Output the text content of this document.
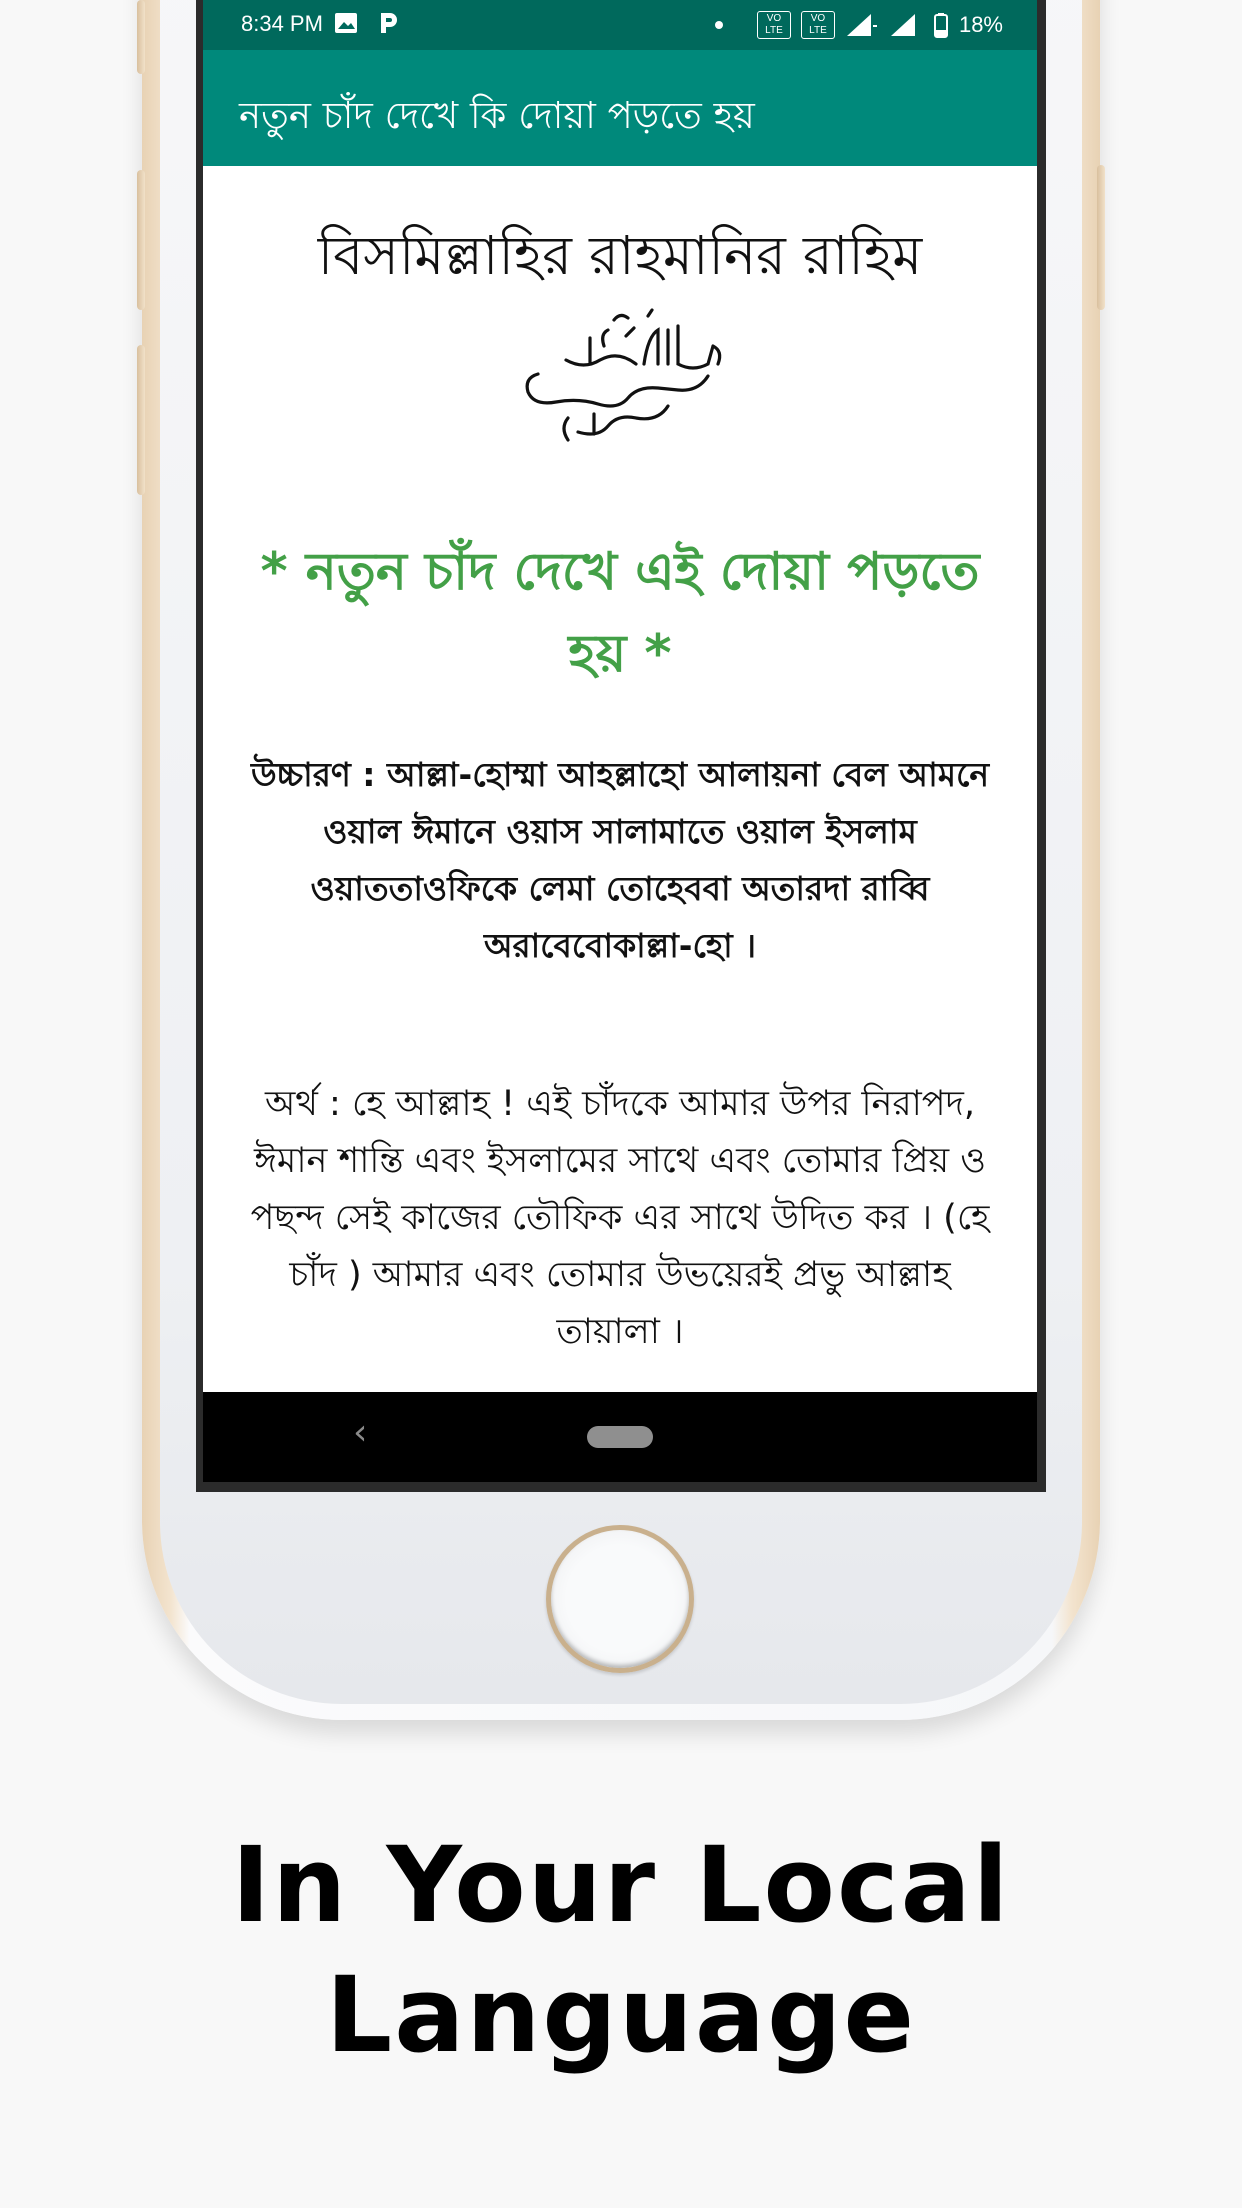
8:34 PM	VO LTE
VO LTE	18%
নতুন চাঁদ দেখে কি দোয়া পড়তে হয়
বিসমিল্লাহির রাহমানির রাহিম
* নতুন চাঁদ দেখে এই দোয়া পড়তে হয় *
উচ্চারণ : আল্লা-হোম্মা আহল্লাহো আলায়না বেল আমনে ওয়াল ঈমানে ওয়াস সালামাতে ওয়াল ইসলাম ওয়াততাওফিকে লেমা তোহেববা অতারদা রাব্বি অরাবেবোকাল্লা-হো ।
অর্থ : হে আল্লাহ ! এই চাঁদকে আমার উপর নিরাপদ, ঈমান শান্তি এবং ইসলামের সাথে এবং তোমার প্রিয় ও পছন্দ সেই কাজের তৌফিক এর সাথে উদিত কর । (হে চাঁদ ) আমার এবং তোমার উভয়েরই প্রভু আল্লাহ তায়ালা ।
‹
In Your Local
Language
